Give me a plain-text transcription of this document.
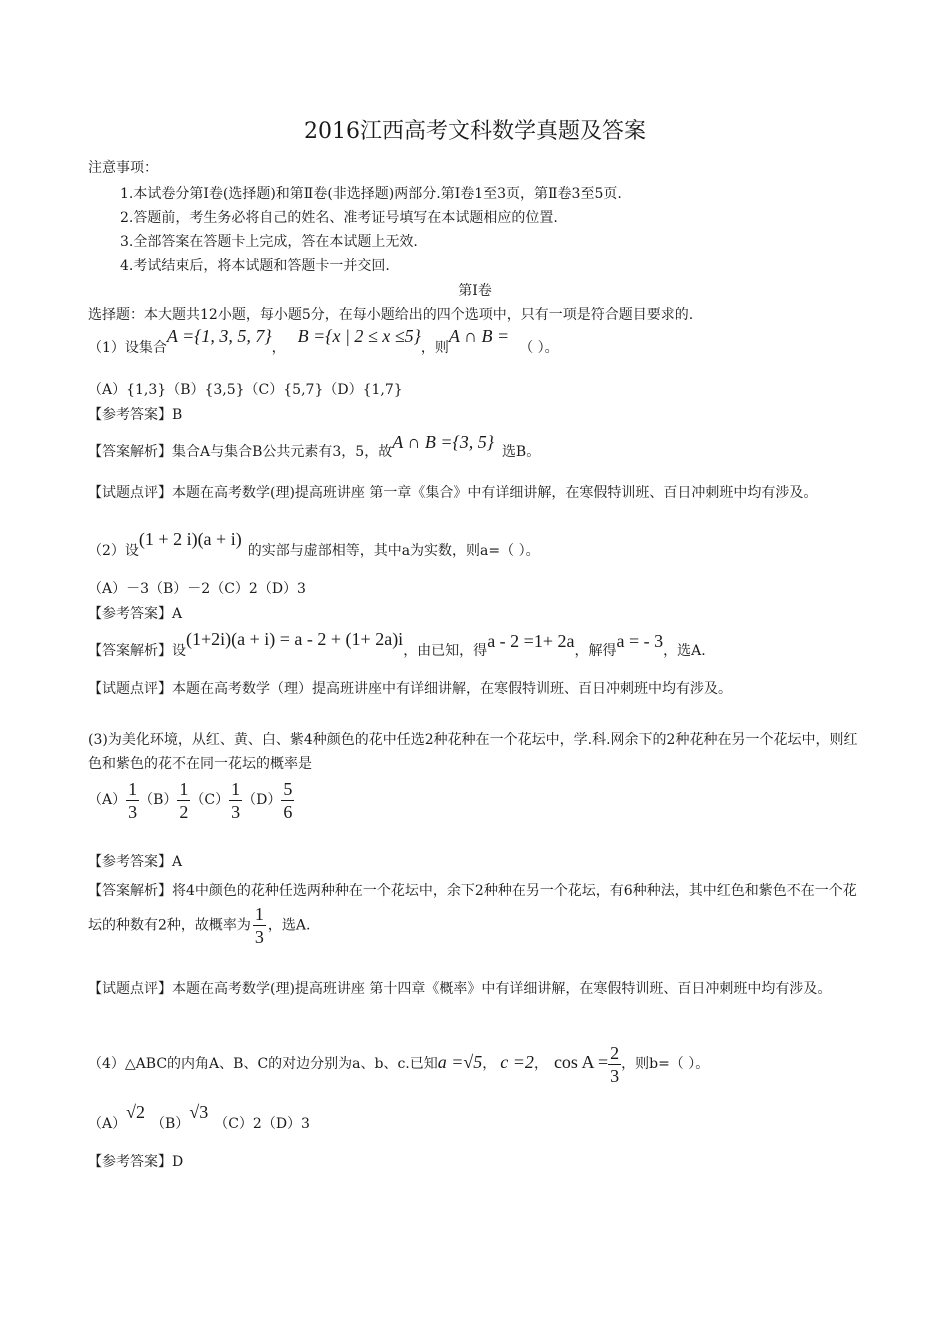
2016江西高考文科数学真题及答案
注意事项：
1.本试卷分第Ⅰ卷(选择题)和第Ⅱ卷(非选择题)两部分.第Ⅰ卷1至3页，第Ⅱ卷3至5页.
2.答题前，考生务必将自己的姓名、准考证号填写在本试题相应的位置.
3.全部答案在答题卡上完成，答在本试题上无效.
4.考试结束后，将本试题和答题卡一并交回.
第Ⅰ卷
选择题：本大题共12小题，每小题5分，在每小题给出的四个选项中，只有一项是符合题目要求的.
（1）设集合A ={1, 3, 5, 7}，B ={x | 2 ≤ x ≤5}，则A ∩ B =（ ）。
（A）{1,3}（B）{3,5}（C）{5,7}（D）{1,7}
【参考答案】B
【答案解析】集合A与集合B公共元素有3，5，故A ∩ B ={3, 5} 选B。
【试题点评】本题在高考数学(理)提高班讲座 第一章《集合》中有详细讲解，在寒假特训班、百日冲刺班中均有涉及。
（2）设(1 + 2 i)(a + i)的实部与虚部相等，其中a为实数，则a=（ ）。
（A）－3（B）－2（C）2（D）3
【参考答案】A
【答案解析】设(1+2i)(a + i) = a - 2 + (1+ 2a)i，由已知，得a - 2 =1+ 2a，解得a = - 3，选A.
【试题点评】本题在高考数学（理）提高班讲座中有详细讲解，在寒假特训班、百日冲刺班中均有涉及。
(3)为美化环境，从红、黄、白、紫4种颜色的花中任选2种花种在一个花坛中，学.科.网余下的2种花种在另一个花坛中，则红色和紫色的花不在同一花坛的概率是
$(A) \frac{1}{3} (B) \frac{1}{2} (C) \frac{1}{3} (D) \frac{5}{6}$
【参考答案】A
【答案解析】将4中颜色的花种任选两种种在一个花坛中，余下2种种在另一个花坛，有6种种法，其中红色和紫色不在一个花坛的种数有2种，故概率为 $\frac{1}{3}$ ，选A.
【试题点评】本题在高考数学(理)提高班讲座 第十四章《概率》中有详细讲解，在寒假特训班、百日冲刺班中均有涉及。
（4）△ABC的内角A、B、C的对边分别为a、b、c.已知a =√5， c =2， $\cos A = \frac{2}{3}$ ，则b=（ ）。
（A）√2（B）√3（C）2（D）3
【参考答案】D
